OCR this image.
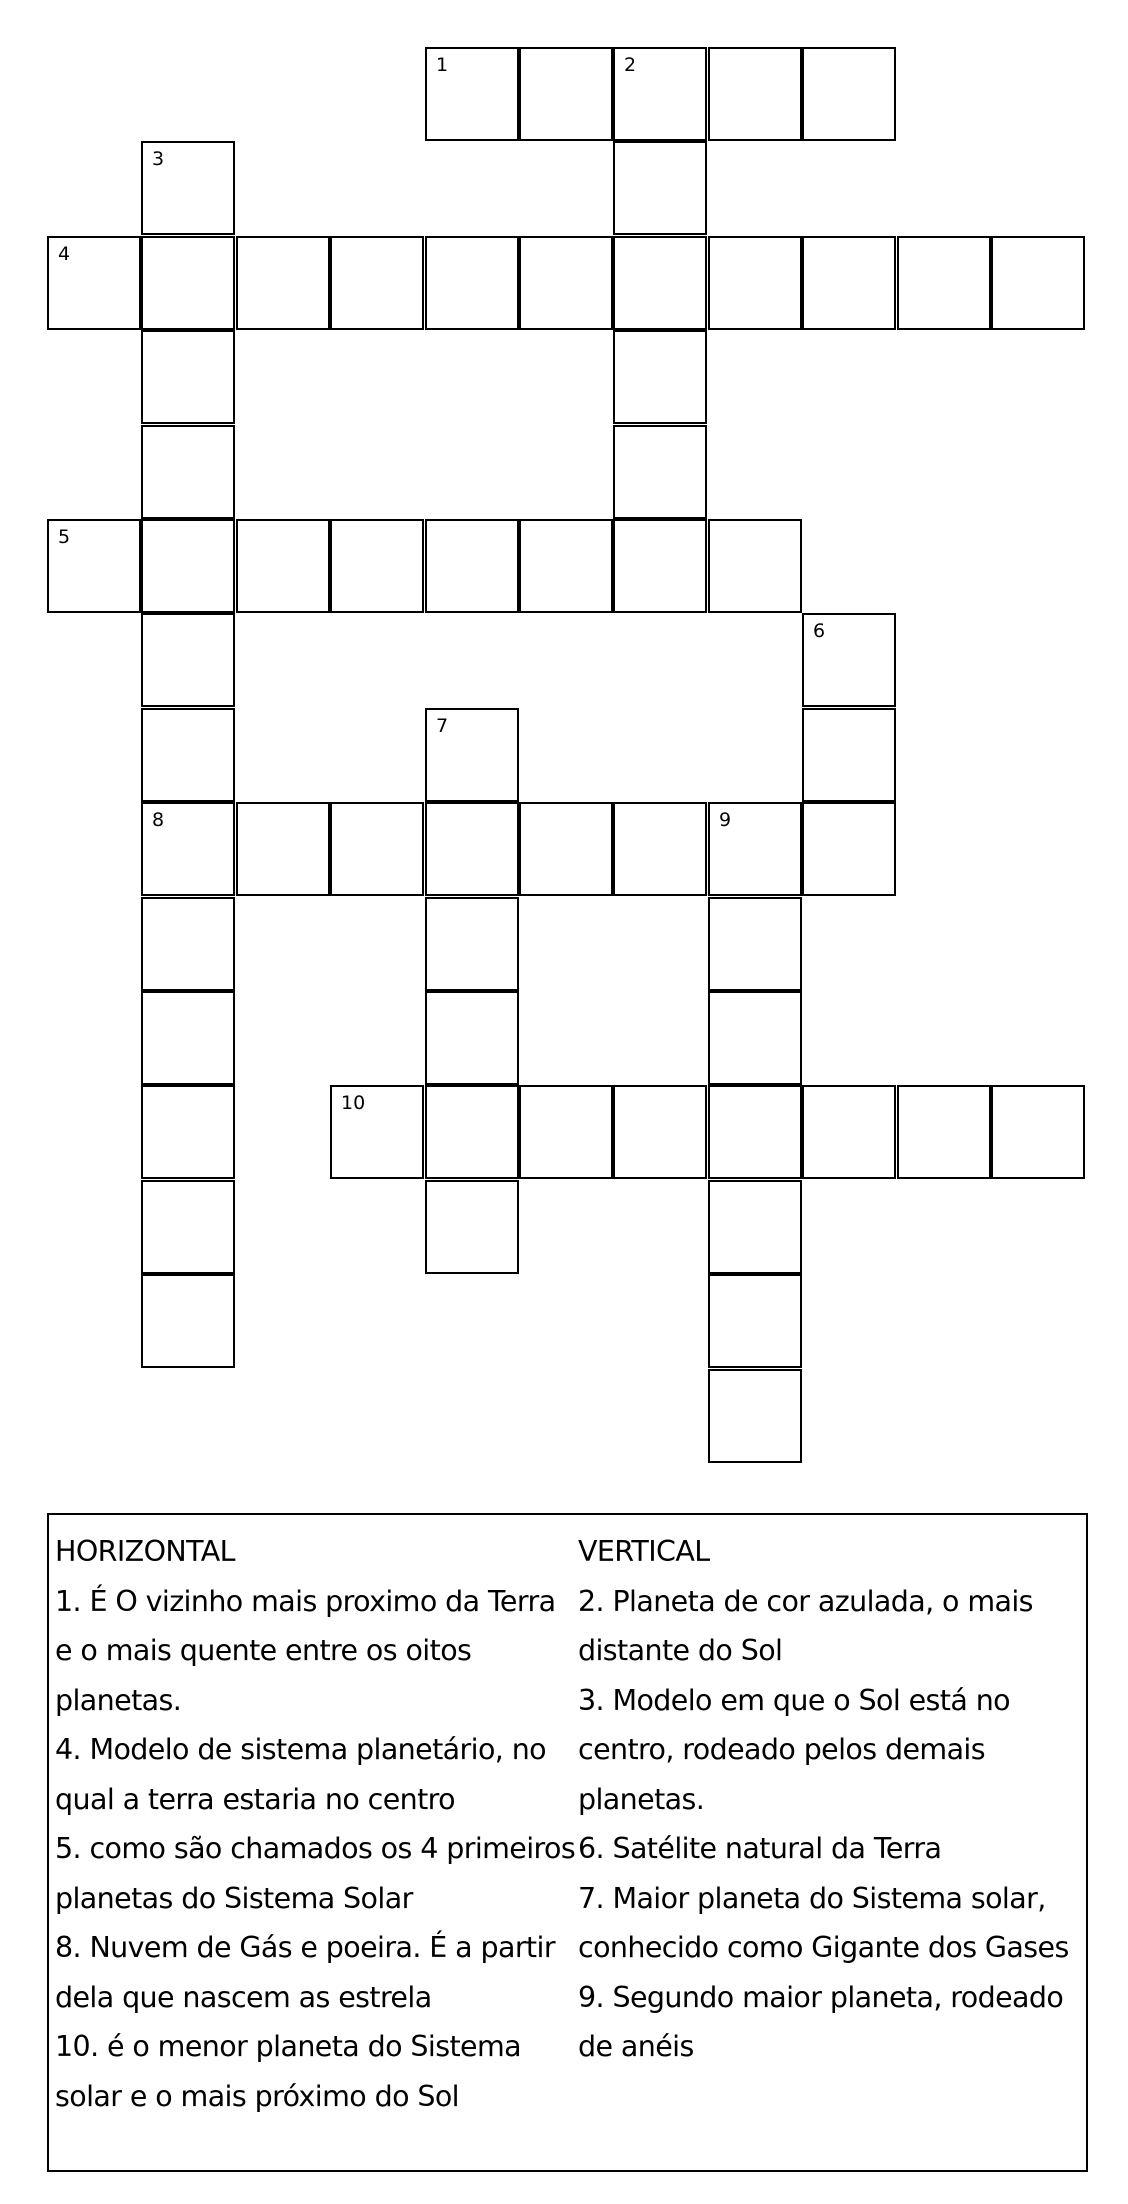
1	2
3
8
4
5
6
7
9
10
HORIZONTAL
1. É O vizinho mais proximo da Terra
e o mais quente entre os oitos
planetas.
4. Modelo de sistema planetário, no
qual a terra estaria no centro
5. como são chamados os 4 primeiros
planetas do Sistema Solar
8. Nuvem de Gás e poeira. É a partir
dela que nascem as estrela
10. é o menor planeta do Sistema
solar e o mais próximo do Sol
VERTICAL
2. Planeta de cor azulada, o mais
distante do Sol
3. Modelo em que o Sol está no
centro, rodeado pelos demais
planetas.
6. Satélite natural da Terra
7. Maior planeta do Sistema solar,
conhecido como Gigante dos Gases
9. Segundo maior planeta, rodeado
de anéis
